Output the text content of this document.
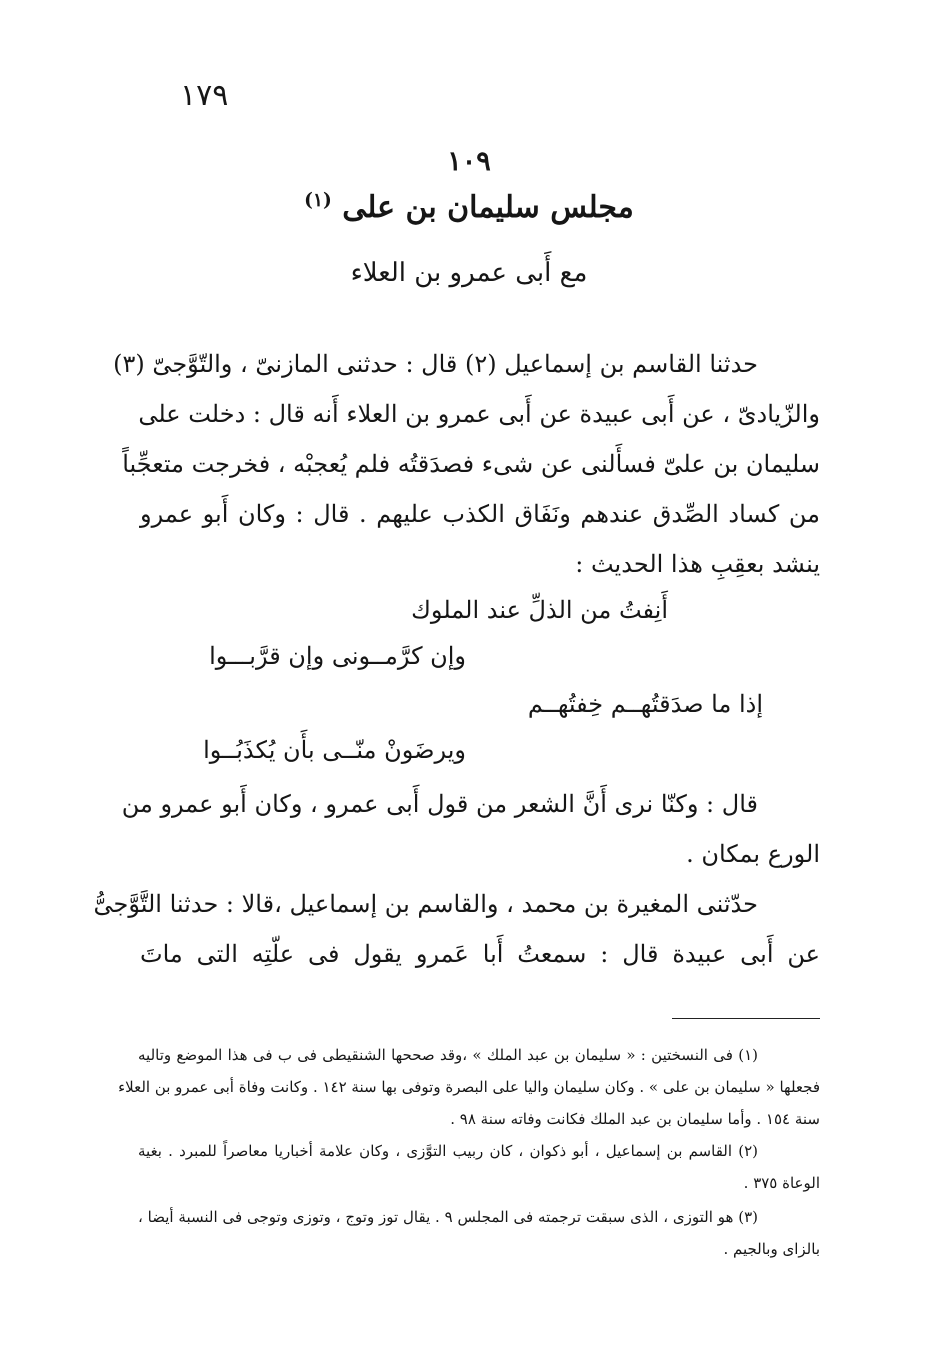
١٧٩
١٠٩
مجلس سليمان بن على $^{(١)}$
مع أَبى عمرو بن العلاء
حدثنا القاسم بن إسماعيل (٢) قال : حدثنى المازنىّ ، والتّوَّجىّ (٣)
والزّيادىّ ، عن أَبى عبيدة عن أَبى عمرو بن العلاء أَنه قال : دخلت على
سليمان بن علىّ فسأَلنى عن شىء فصدَقتُه فلم يُعجبْه ، فخرجت متعجِّباً
من كساد الصِّدق عندهم ونَفَاق الكذب عليهم . قال : وكان أَبو عمرو
ينشد بعقِبِ هذا الحديث :
أَنِفتُ من الذلِّ عند الملوك
وإن كرَّمــونى وإن قرَّبـــوا
إذا ما صدَقتُهــم خِفتُهــم
ويرضَونْ منّــى بأَن يُكذَبُــوا
قال : وكنّا نرى أَنَّ الشعر من قول أَبى عمرو ، وكان أَبو عمرو من
الورع بمكان .
حدّثنى المغيرة بن محمد ، والقاسم بن إسماعيل ،قالا : حدثنا التَّوَّجىُّ
عن أَبى عبيدة قال : سمعتُ أَبا عَمرو يقول فى علّتِه التى ماتَ
(١) فى النسختين : « سليمان بن عبد الملك » ،وقد صححها الشنقيطى فى ب فى هذا الموضع وتاليه
فجعلها « سليمان بن على » . وكان سليمان واليا على البصرة وتوفى بها سنة ١٤٢ . وكانت وفاة أبى عمرو بن العلاء
سنة ١٥٤ . وأما سليمان بن عبد الملك فكانت وفاته سنة ٩٨ .
(٢) القاسم بن إسماعيل ، أبو ذكوان ، كان ربيب التوَّزى ، وكان علامة أخباريا معاصراً للمبرد . بغية
الوعاة ٣٧٥ .
(٣) هو التوزى ، الذى سبقت ترجمته فى المجلس ٩ . يقال توز وتوج ، وتوزى وتوجى فى النسبة أيضا ،
بالزاى وبالجيم .
